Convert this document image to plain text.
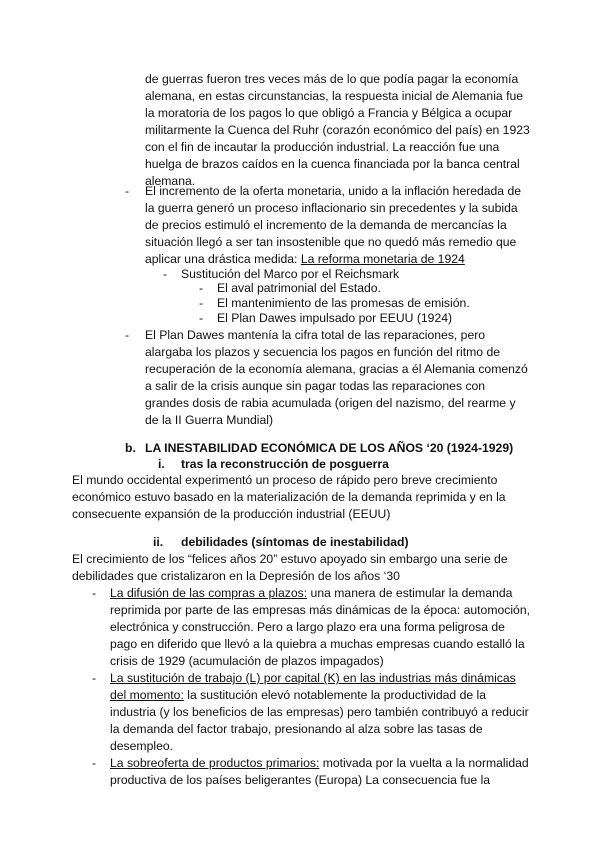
de guerras fueron tres veces más de lo que podía pagar la economía
alemana, en estas circunstancias, la respuesta inicial de Alemania fue
la moratoria de los pagos lo que obligó a Francia y Bélgica a ocupar
militarmente la Cuenca del Ruhr (corazón económico del país) en 1923
con el fin de incautar la producción industrial. La reacción fue una
huelga de brazos caídos en la cuenca financiada por la banca central
alemana.
- El incremento de la oferta monetaria, unido a la inflación heredada de
la guerra generó un proceso inflacionario sin precedentes y la subida
de precios estimuló el incremento de la demanda de mercancías la
situación llegó a ser tan insostenible que no quedó más remedio que
aplicar una drástica medida: La reforma monetaria de 1924
- Sustitución del Marco por el Reichsmark
- El aval patrimonial del Estado.
- El mantenimiento de las promesas de emisión.
- El Plan Dawes impulsado por EEUU (1924)
- El Plan Dawes mantenía la cifra total de las reparaciones, pero
alargaba los plazos y secuencia los pagos en función del ritmo de
recuperación de la economía alemana, gracias a él Alemania comenzó
a salir de la crisis aunque sin pagar todas las reparaciones con
grandes dosis de rabia acumulada (origen del nazismo, del rearme y
de la II Guerra Mundial)
b. LA INESTABILIDAD ECONÓMICA DE LOS AÑOS ‘20 (1924-1929)
i. tras la reconstrucción de posguerra
El mundo occidental experimentó un proceso de rápido pero breve crecimiento
económico estuvo basado en la materialización de la demanda reprimida y en la
consecuente expansión de la producción industrial (EEUU)
ii. debilidades (síntomas de inestabilidad)
El crecimiento de los “felices años 20” estuvo apoyado sin embargo una serie de
debilidades que cristalizaron en la Depresión de los años ‘30
- La difusión de las compras a plazos: una manera de estimular la demanda
reprimida por parte de las empresas más dinámicas de la época: automoción,
electrónica y construcción. Pero a largo plazo era una forma peligrosa de
pago en diferido que llevó a la quiebra a muchas empresas cuando estalló la
crisis de 1929 (acumulación de plazos impagados)
- La sustitución de trabajo (L) por capital (K) en las industrias más dinámicas
del momento: la sustitución elevó notablemente la productividad de la
industria (y los beneficios de las empresas) pero también contribuyó a reducir
la demanda del factor trabajo, presionando al alza sobre las tasas de
desempleo.
- La sobreoferta de productos primarios: motivada por la vuelta a la normalidad
productiva de los países beligerantes (Europa) La consecuencia fue la
